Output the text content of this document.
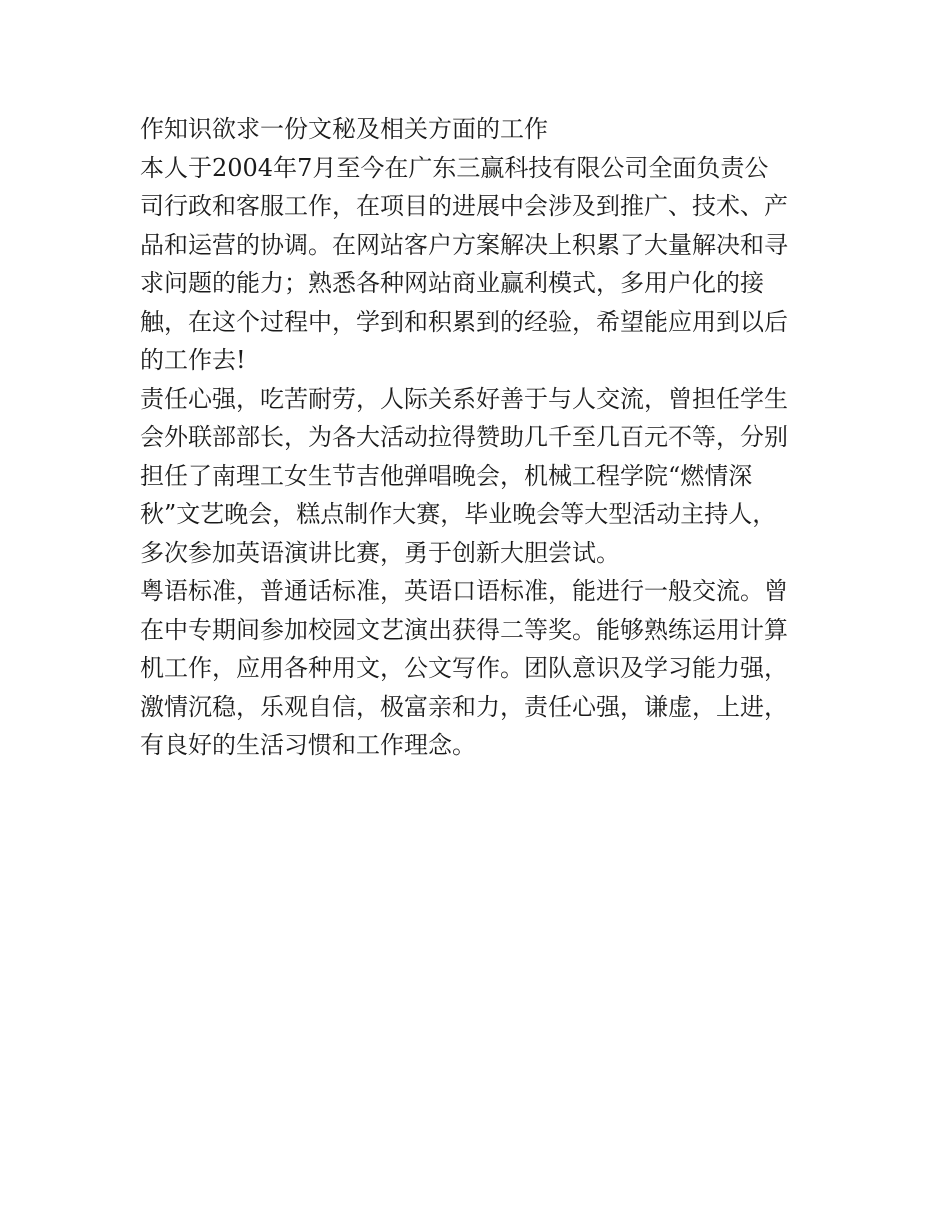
作知识欲求一份文秘及相关方面的工作
本人于2004年7月至今在广东三赢科技有限公司全面负责公
司行政和客服工作，在项目的进展中会涉及到推广、技术、产
品和运营的协调。在网站客户方案解决上积累了大量解决和寻
求问题的能力；熟悉各种网站商业赢利模式，多用户化的接
触，在这个过程中，学到和积累到的经验，希望能应用到以后
的工作去!
责任心强，吃苦耐劳，人际关系好善于与人交流，曾担任学生
会外联部部长，为各大活动拉得赞助几千至几百元不等，分别
担任了南理工女生节吉他弹唱晚会，机械工程学院“燃情深
秋”文艺晚会，糕点制作大赛，毕业晚会等大型活动主持人，
多次参加英语演讲比赛，勇于创新大胆尝试。
粤语标准，普通话标准，英语口语标准，能进行一般交流。曾
在中专期间参加校园文艺演出获得二等奖。能够熟练运用计算
机工作，应用各种用文，公文写作。团队意识及学习能力强，
激情沉稳，乐观自信，极富亲和力，责任心强，谦虚，上进，
有良好的生活习惯和工作理念。
